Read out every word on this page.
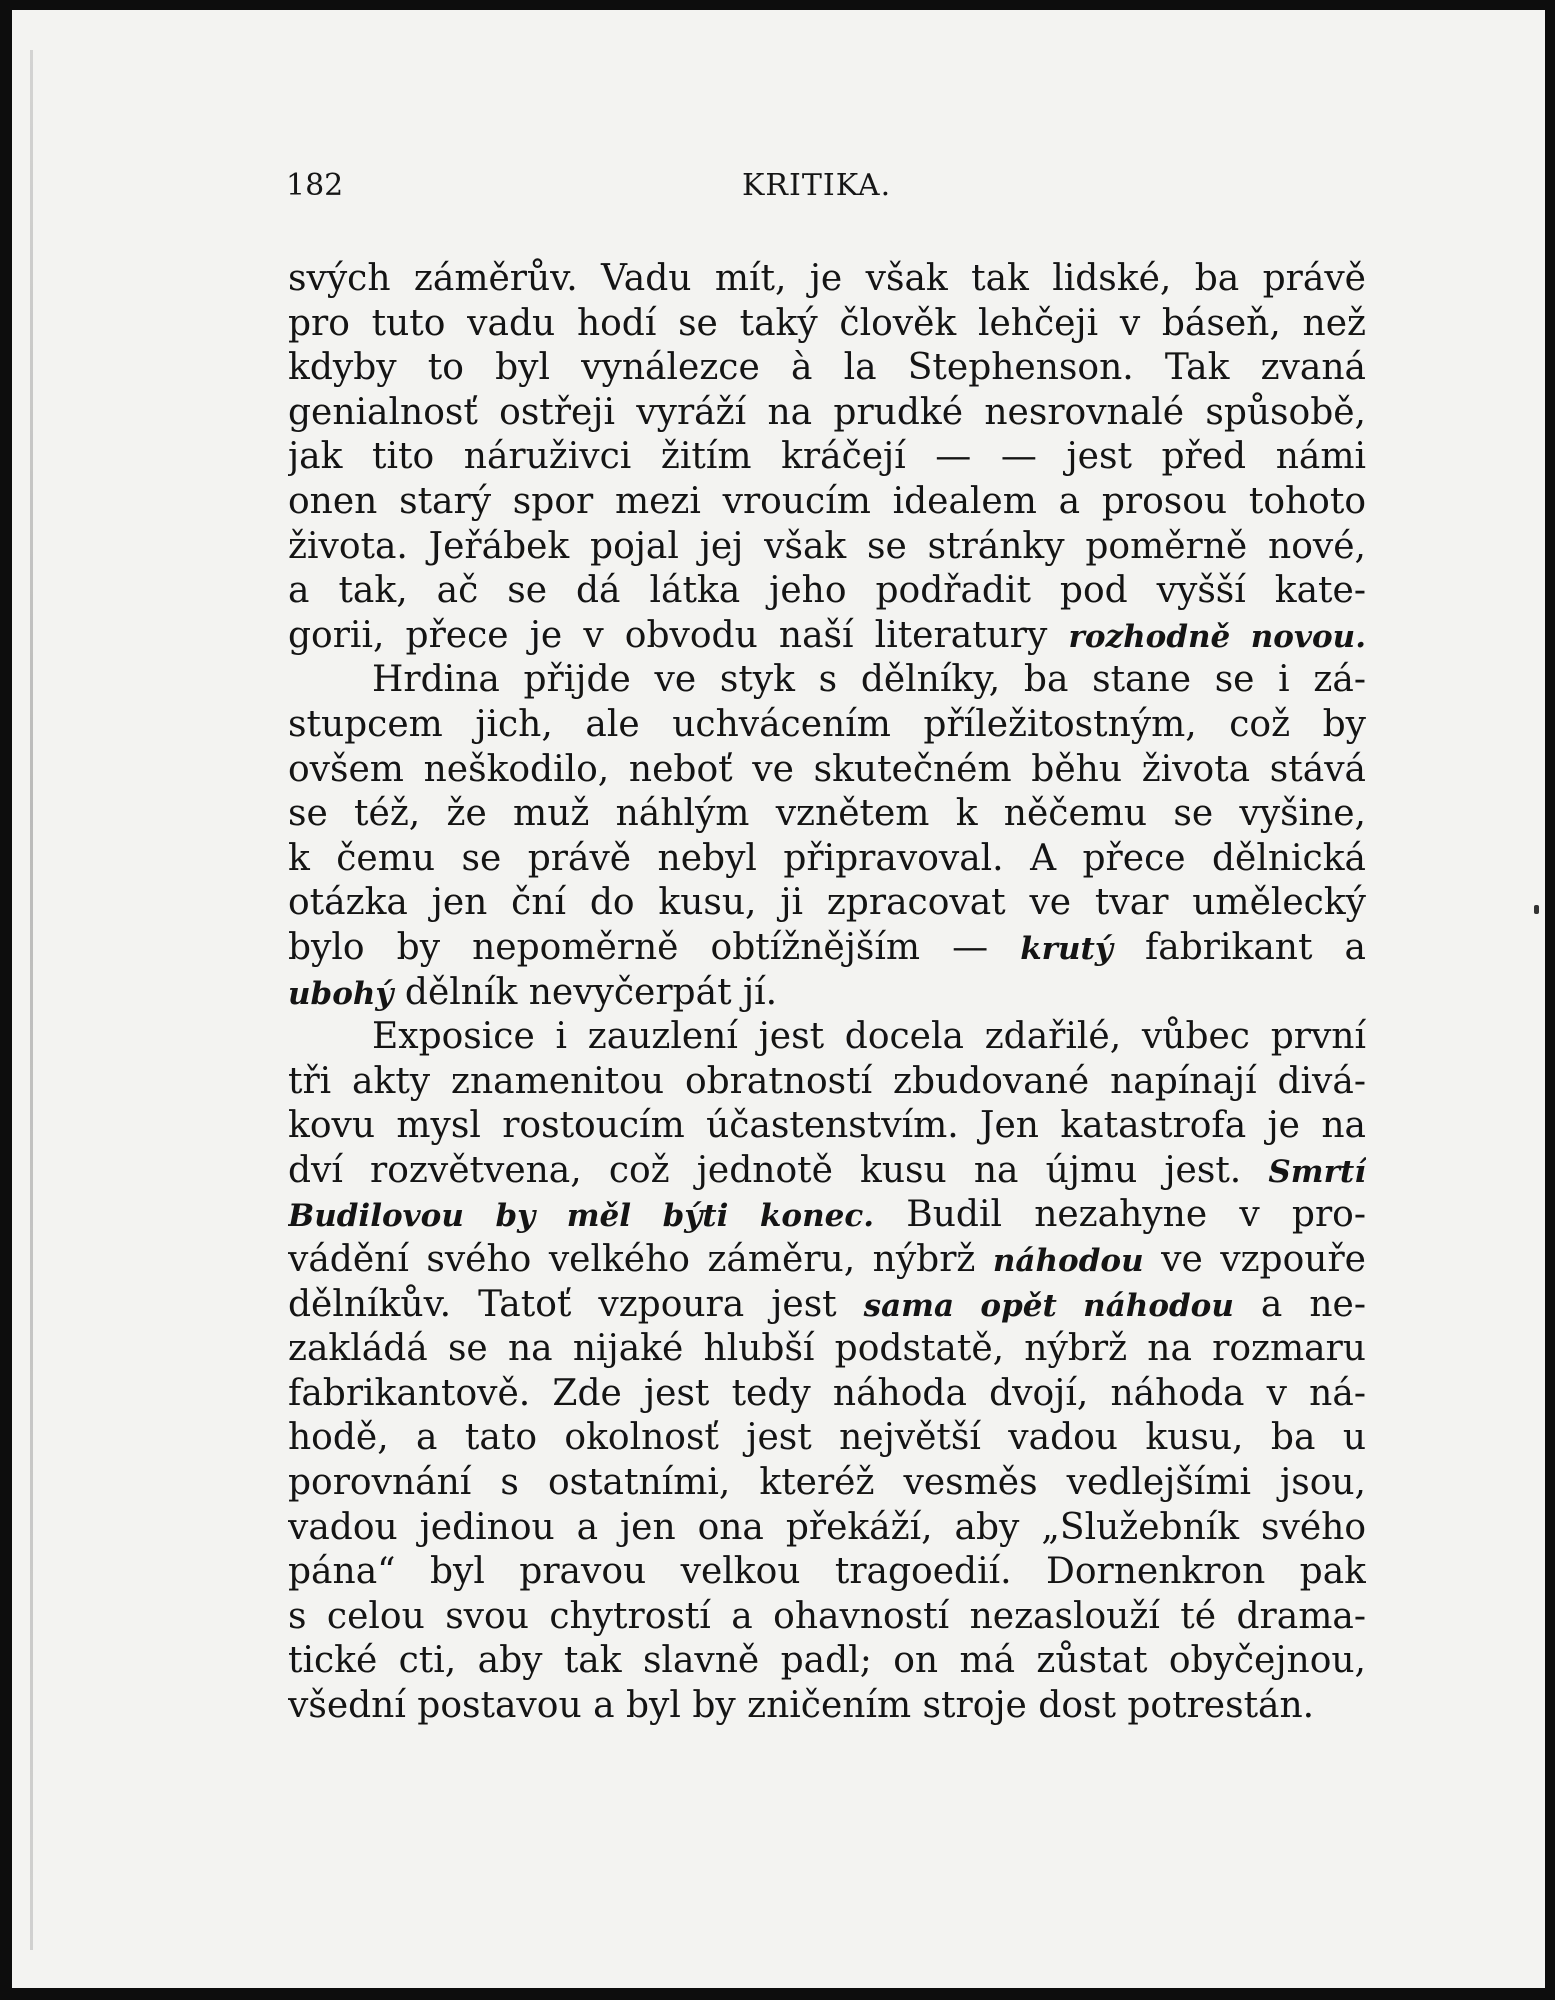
182	KRITIKA.
svých záměrův. Vadu mít, je však tak lidské, ba právě
pro tuto vadu hodí se taký člověk lehčeji v báseň, než
kdyby to byl vynálezce à la Stephenson. Tak zvaná
genialnosť ostřeji vyráží na prudké nesrovnalé spůsobě,
jak tito náruživci žitím kráčejí — — jest před námi
onen starý spor mezi vroucím idealem a prosou tohoto
života. Jeřábek pojal jej však se stránky poměrně nové,
a tak, ač se dá látka jeho podřadit pod vyšší kate-
gorii, přece je v obvodu naší literatury rozhodně novou.
Hrdina přijde ve styk s dělníky, ba stane se i zá-
stupcem jich, ale uchvácením příležitostným, což by
ovšem neškodilo, neboť ve skutečném běhu života stává
se též, že muž náhlým vznětem k něčemu se vyšine,
k čemu se právě nebyl připravoval. A přece dělnická
otázka jen ční do kusu, ji zpracovat ve tvar umělecký
bylo by nepoměrně obtížnějším — krutý fabrikant a
ubohý dělník nevyčerpát jí.
Exposice i zauzlení jest docela zdařilé, vůbec první
tři akty znamenitou obratností zbudované napínají divá-
kovu mysl rostoucím účastenstvím. Jen katastrofa je na
dví rozvětvena, což jednotě kusu na újmu jest. Smrtí
Budilovou by měl býti konec. Budil nezahyne v pro-
vádění svého velkého záměru, nýbrž náhodou ve vzpouře
dělníkův. Tatoť vzpoura jest sama opět náhodou a ne-
zakládá se na nijaké hlubší podstatě, nýbrž na rozmaru
fabrikantově. Zde jest tedy náhoda dvojí, náhoda v ná-
hodě, a tato okolnosť jest největší vadou kusu, ba u
porovnání s ostatními, kteréž vesměs vedlejšími jsou,
vadou jedinou a jen ona překáží, aby „Služebník svého
pána“ byl pravou velkou tragoedií. Dornenkron pak
s celou svou chytrostí a ohavností nezaslouží té drama-
tické cti, aby tak slavně padl; on má zůstat obyčejnou,
všední postavou a byl by zničením stroje dost potrestán.
